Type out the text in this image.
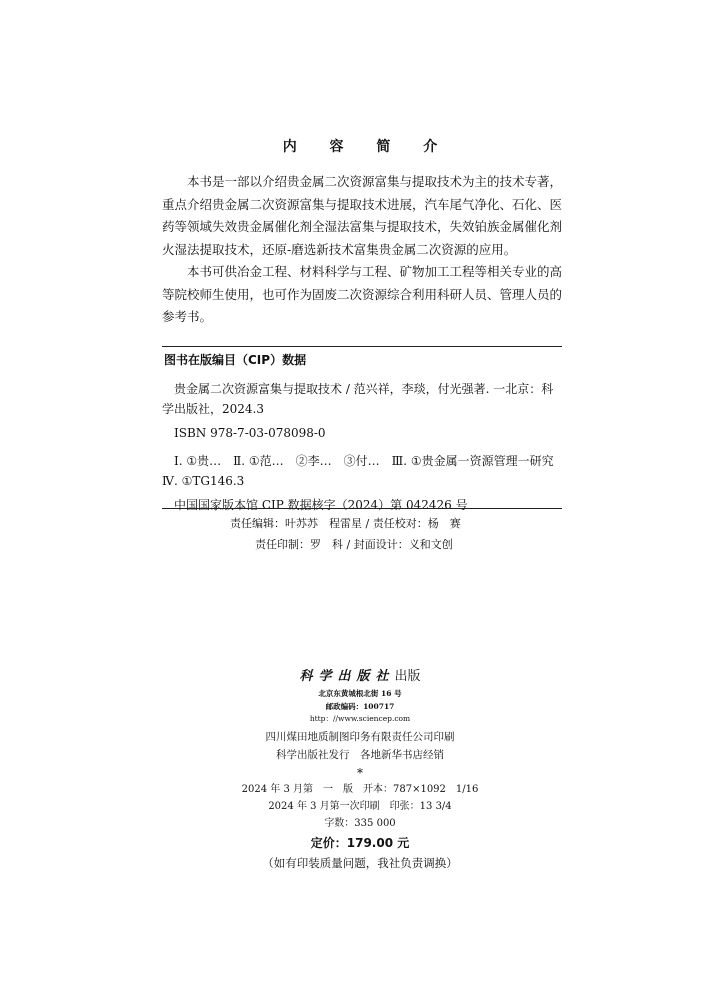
内 容 简 介

本书是一部以介绍贵金属二次资源富集与提取技术为主的技术专著，重点介绍贵金属二次资源富集与提取技术进展，汽车尾气净化、石化、医药等领域失效贵金属催化剂全湿法富集与提取技术，失效铂族金属催化剂火湿法提取技术，还原-磨选新技术富集贵金属二次资源的应用。

本书可供冶金工程、材料科学与工程、矿物加工工程等相关专业的高等院校师生使用，也可作为固废二次资源综合利用科研人员、管理人员的参考书。

图书在版编目（CIP）数据
贵金属二次资源富集与提取技术 / 范兴祥，李琰，付光强著. 一北京：科学出版社，2024.3
ISBN 978-7-03-078098-0
Ⅰ. ①贵…　Ⅱ. ①范…　②李…　③付…　Ⅲ. ①贵金属一资源管理一研究　Ⅳ. ①TG146.3
中国国家版本馆 CIP 数据核字（2024）第 042426 号
责任编辑：叶苏苏　程雷星 / 责任校对：杨　赛
责任印制：罗　科 / 封面设计：义和文创
科学出版社出版
北京东黄城根北街 16 号
邮政编码：100717
http：//www.sciencep.com
四川煤田地质制图印务有限责任公司印刷
科学出版社发行　各地新华书店经销
*
2024 年 3 月第　一　版　开本：787×1092　1/16
2024 年 3 月第一次印刷　印张：13 3/4
字数：335 000
定价：179.00 元
（如有印装质量问题，我社负责调换）
